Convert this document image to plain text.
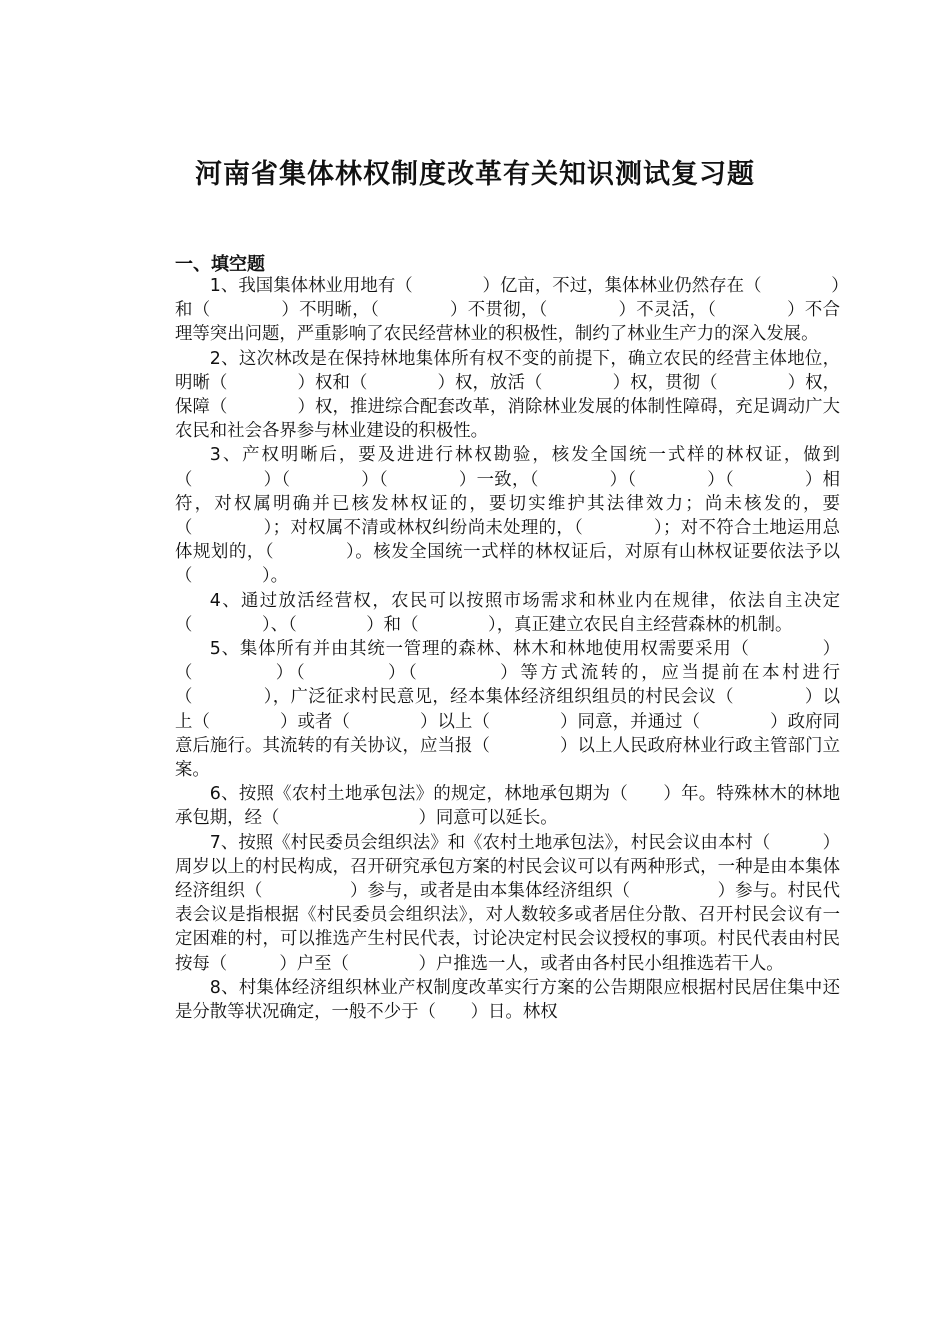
河南省集体林权制度改革有关知识测试复习题
一、填空题

1、我国集体林业用地有（　　　　）亿亩，不过，集体林业仍然存在（　　　　）和（　　　　）不明晰，（　　　　）不贯彻，（　　　　）不灵活，（　　　　）不合理等突出问题，严重影响了农民经营林业的积极性，制约了林业生产力的深入发展。

2、这次林改是在保持林地集体所有权不变的前提下，确立农民的经营主体地位，明晰（　　　　）权和（　　　　）权，放活（　　　　）权，贯彻（　　　　）权，保障（　　　　）权，推进综合配套改革，消除林业发展的体制性障碍，充足调动广大农民和社会各界参与林业建设的积极性。

3、产权明晰后，要及进进行林权勘验，核发全国统一式样的林权证，做到（　　　　）（　　　　）（　　　　）一致，（　　　　）（　　　　）（　　　　）相符，对权属明确并已核发林权证的，要切实维护其法律效力；尚未核发的，要（　　　　）；对权属不清或林权纠纷尚未处理的，（　　　　）；对不符合土地运用总体规划的，（　　　　）。核发全国统一式样的林权证后，对原有山林权证要依法予以（　　　　）。

4、通过放活经营权，农民可以按照市场需求和林业内在规律，依法自主决定（　　　　）、（　　　　）和（　　　　），真正建立农民自主经营森林的机制。

5、集体所有并由其统一管理的森林、林木和林地使用权需要采用（　　　　）（　　　　）（　　　　）（　　　　）等方式流转的，应当提前在本村进行（　　　　），广泛征求村民意见，经本集体经济组织组员的村民会议（　　　　）以上（　　　　）或者（　　　　）以上（　　　　）同意，并通过（　　　　）政府同意后施行。其流转的有关协议，应当报（　　　　）以上人民政府林业行政主管部门立案。

6、按照《农村土地承包法》的规定，林地承包期为（　　）年。特殊林木的林地承包期，经（　　　　　　　　）同意可以延长。

7、按照《村民委员会组织法》和《农村土地承包法》，村民会议由本村（　　　）周岁以上的村民构成，召开研究承包方案的村民会议可以有两种形式，一种是由本集体经济组织（　　　　　）参与，或者是由本集体经济组织（　　　　　）参与。村民代表会议是指根据《村民委员会组织法》，对人数较多或者居住分散、召开村民会议有一定困难的村，可以推选产生村民代表，讨论决定村民会议授权的事项。村民代表由村民按每（　　　）户至（　　　　）户推选一人，或者由各村民小组推选若干人。

8、村集体经济组织林业产权制度改革实行方案的公告期限应根据村民居住集中还是分散等状况确定，一般不少于（　　）日。林权
